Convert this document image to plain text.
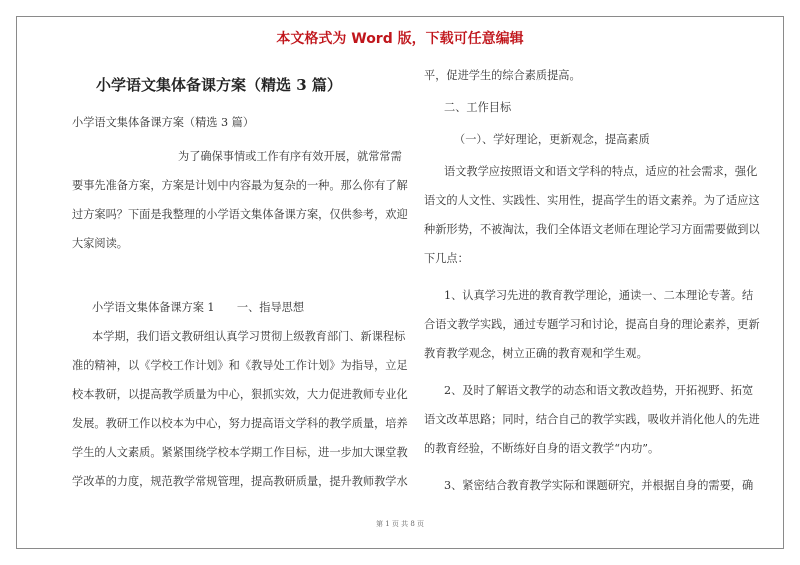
本文格式为 Word 版，下载可任意编辑
小学语文集体备课方案（精选 3 篇）
小学语文集体备课方案（精选 3 篇）
为了确保事情或工作有序有效开展，就常常需
要事先准备方案，方案是计划中内容最为复杂的一种。那么你有了解
过方案吗？下面是我整理的小学语文集体备课方案，仅供参考，欢迎
大家阅读。
小学语文集体备课方案 1　　一、指导思想
本学期，我们语文教研组认真学习贯彻上级教育部门、新课程标
准的精神，以《学校工作计划》和《教导处工作计划》为指导，立足
校本教研，以提高教学质量为中心，狠抓实效，大力促进教师专业化
发展。教研工作以校本为中心，努力提高语文学科的教学质量，培养
学生的人文素质。紧紧围绕学校本学期工作目标，进一步加大课堂教
学改革的力度，规范教学常规管理，提高教研质量，提升教师教学水
平，促进学生的综合素质提高。
二、工作目标
（一）、学好理论，更新观念，提高素质
语文教学应按照语文和语文学科的特点，适应的社会需求，强化
语文的人文性、实践性、实用性，提高学生的语文素养。为了适应这
种新形势，不被淘汰，我们全体语文老师在理论学习方面需要做到以
下几点：
1、认真学习先进的教育教学理论，通读一、二本理论专著。结
合语文教学实践，通过专题学习和讨论，提高自身的理论素养，更新
教育教学观念，树立正确的教育观和学生观。
2、及时了解语文教学的动态和语文教改趋势，开拓视野、拓宽
语文改革思路；同时，结合自己的教学实践，吸收并消化他人的先进
的教育经验，不断练好自身的语文教学“内功”。
3、紧密结合教育教学实际和课题研究，并根据自身的需要，确
第 1 页 共 8 页
